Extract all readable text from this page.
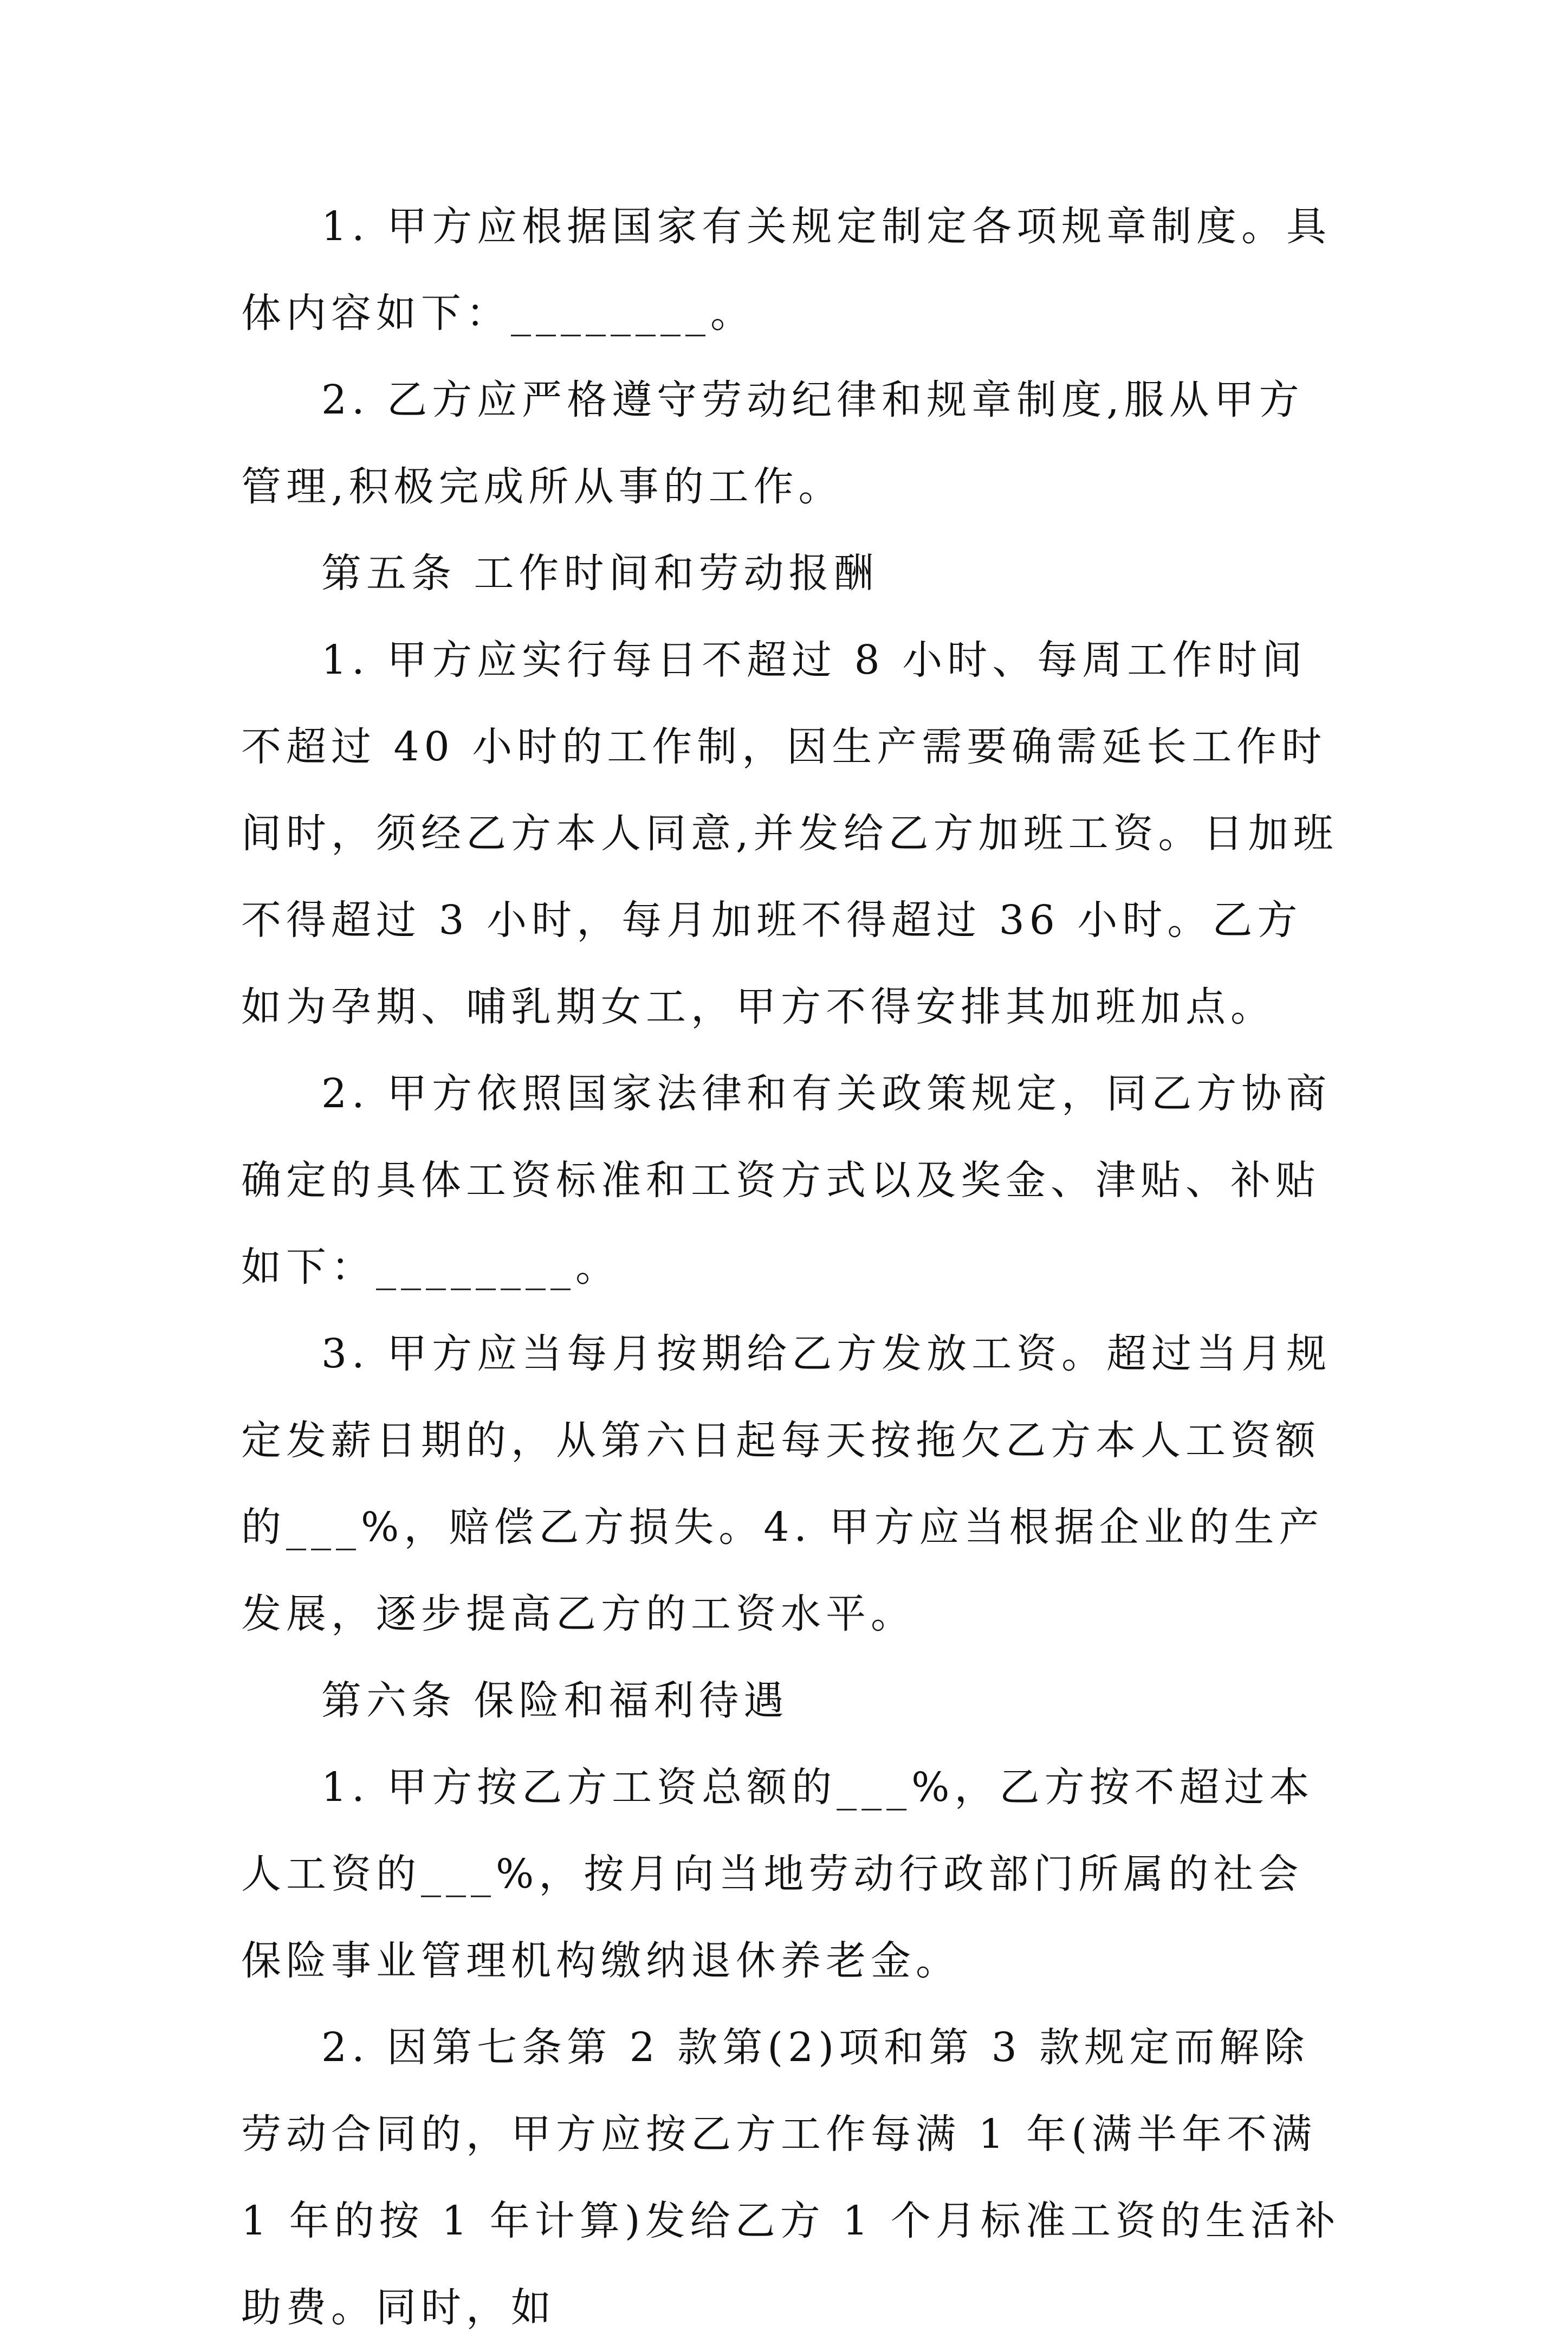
1. 甲方应根据国家有关规定制定各项规章制度。具体内容如下：________。

2. 乙方应严格遵守劳动纪律和规章制度,服从甲方管理,积极完成所从事的工作。

第五条 工作时间和劳动报酬

1. 甲方应实行每日不超过 8 小时、每周工作时间不超过 40 小时的工作制，因生产需要确需延长工作时间时，须经乙方本人同意,并发给乙方加班工资。日加班不得超过 3 小时，每月加班不得超过 36 小时。乙方如为孕期、哺乳期女工，甲方不得安排其加班加点。

2. 甲方依照国家法律和有关政策规定，同乙方协商确定的具体工资标准和工资方式以及奖金、津贴、补贴如下：________。

3. 甲方应当每月按期给乙方发放工资。超过当月规定发薪日期的，从第六日起每天按拖欠乙方本人工资额的___%，赔偿乙方损失。4. 甲方应当根据企业的生产发展，逐步提高乙方的工资水平。

第六条 保险和福利待遇

1. 甲方按乙方工资总额的___%，乙方按不超过本人工资的___%，按月向当地劳动行政部门所属的社会保险事业管理机构缴纳退休养老金。

2. 因第七条第 2 款第(2)项和第 3 款规定而解除劳动合同的，甲方应按乙方工作每满 1 年(满半年不满 1 年的按 1 年计算)发给乙方 1 个月标准工资的生活补助费。同时，如
